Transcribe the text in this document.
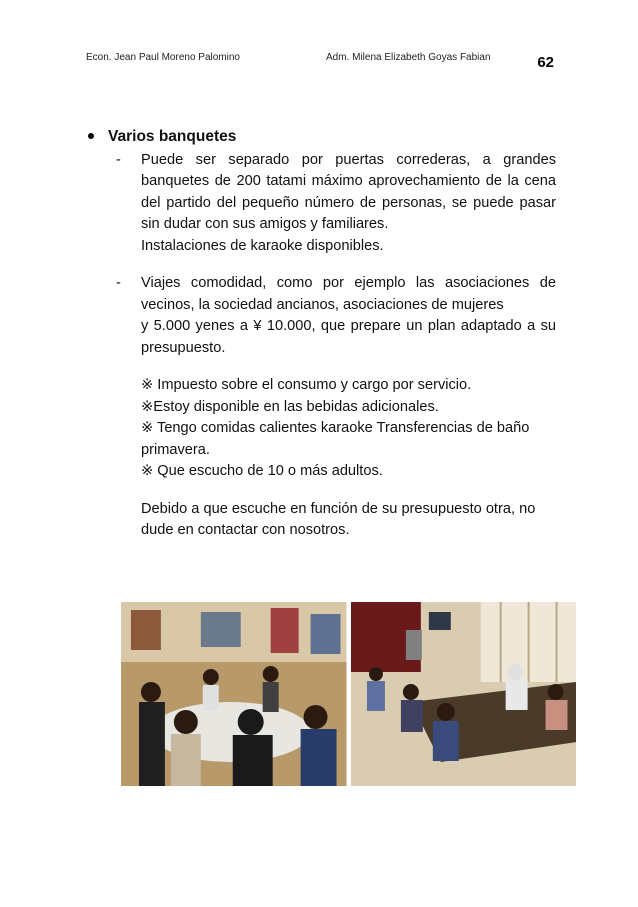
Econ. Jean Paul Moreno Palomino	Adm. Milena Elizabeth Goyas Fabian	62
Varios banquetes
- Puede ser separado por puertas correderas, a grandes banquetes de 200 tatami máximo aprovechamiento de la cena del partido del pequeño número de personas, se puede pasar sin dudar con sus amigos y familiares.

Instalaciones de karaoke disponibles.

- Viajes comodidad, como por ejemplo las asociaciones de vecinos, la sociedad ancianos, asociaciones de mujeres

y 5.000 yenes a ¥ 10.000, que prepare un plan adaptado a su presupuesto.

※ Impuesto sobre el consumo y cargo por servicio.
※Estoy disponible en las bebidas adicionales.
※ Tengo comidas calientes karaoke Transferencias de baño primavera.
※ Que escucho de 10 o más adultos.
Debido a que escuche en función de su presupuesto otra, no dude en contactar con nosotros.
